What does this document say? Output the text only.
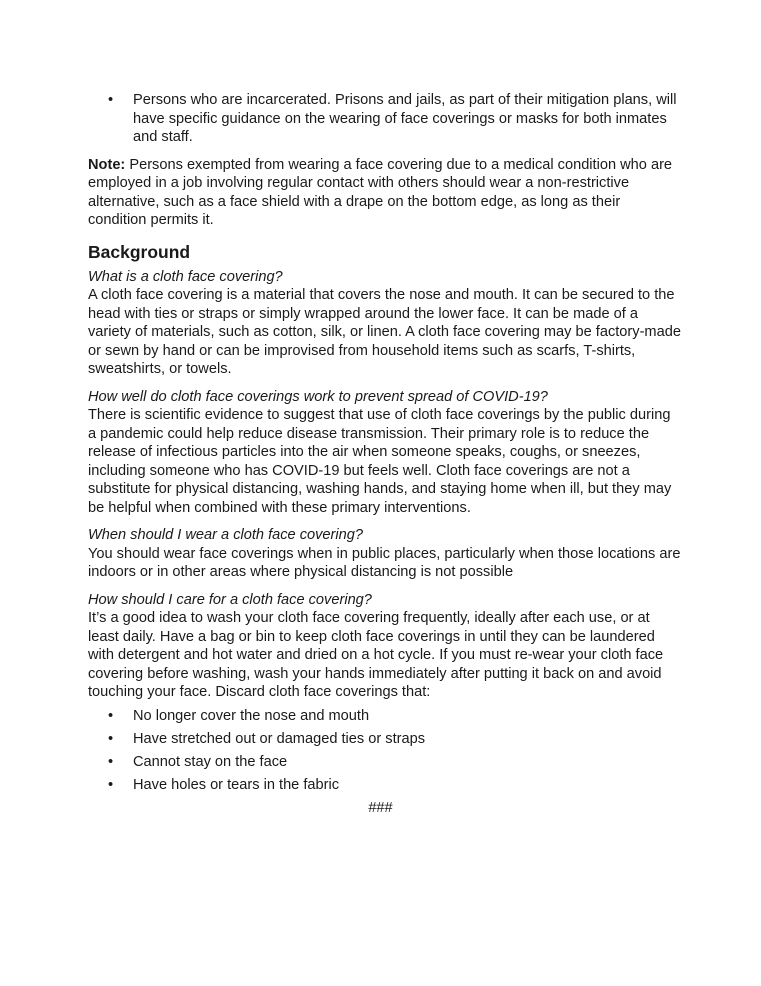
• Persons who are incarcerated. Prisons and jails, as part of their mitigation plans, will have specific guidance on the wearing of face coverings or masks for both inmates and staff.

Note: Persons exempted from wearing a face covering due to a medical condition who are employed in a job involving regular contact with others should wear a non-restrictive alternative, such as a face shield with a drape on the bottom edge, as long as their condition permits it.

Background

What is a cloth face covering?

A cloth face covering is a material that covers the nose and mouth. It can be secured to the head with ties or straps or simply wrapped around the lower face. It can be made of a variety of materials, such as cotton, silk, or linen. A cloth face covering may be factory-made or sewn by hand or can be improvised from household items such as scarfs, T-shirts, sweatshirts, or towels.

How well do cloth face coverings work to prevent spread of COVID-19?

There is scientific evidence to suggest that use of cloth face coverings by the public during a pandemic could help reduce disease transmission. Their primary role is to reduce the release of infectious particles into the air when someone speaks, coughs, or sneezes, including someone who has COVID-19 but feels well. Cloth face coverings are not a substitute for physical distancing, washing hands, and staying home when ill, but they may be helpful when combined with these primary interventions.

When should I wear a cloth face covering?

You should wear face coverings when in public places, particularly when those locations are indoors or in other areas where physical distancing is not possible

How should I care for a cloth face covering?

It’s a good idea to wash your cloth face covering frequently, ideally after each use, or at least daily. Have a bag or bin to keep cloth face coverings in until they can be laundered with detergent and hot water and dried on a hot cycle. If you must re-wear your cloth face covering before washing, wash your hands immediately after putting it back on and avoid touching your face. Discard cloth face coverings that:

• No longer cover the nose and mouth
• Have stretched out or damaged ties or straps
• Cannot stay on the face
• Have holes or tears in the fabric

###
